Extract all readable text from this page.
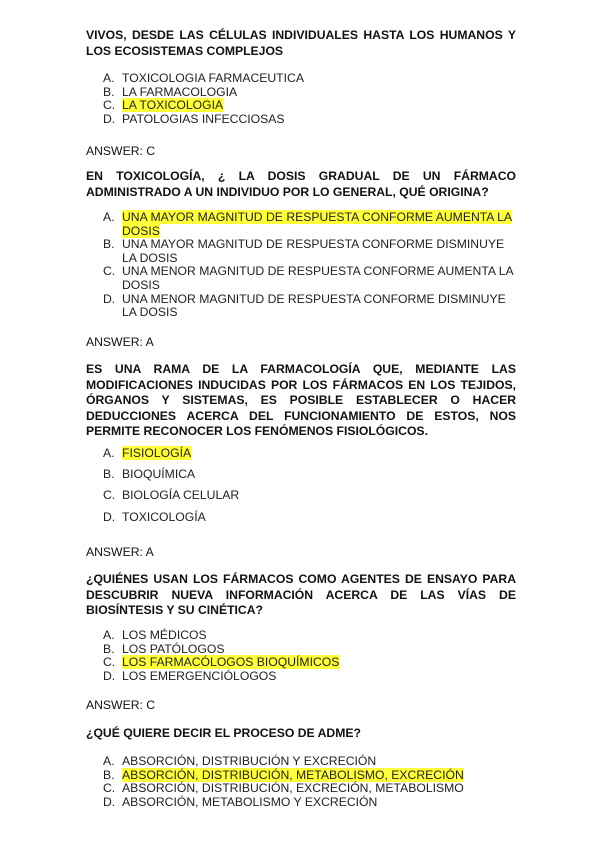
VIVOS, DESDE LAS CÉLULAS INDIVIDUALES HASTA LOS HUMANOS Y LOS ECOSISTEMAS COMPLEJOS

A. TOXICOLOGIA FARMACEUTICA
B. LA FARMACOLOGIA
C. LA TOXICOLOGIA
D. PATOLOGIAS INFECCIOSAS

ANSWER: C

EN TOXICOLOGÍA, ¿ LA DOSIS GRADUAL DE UN FÁRMACO ADMINISTRADO A UN INDIVIDUO POR LO GENERAL, QUÉ ORIGINA?

A. UNA MAYOR MAGNITUD DE RESPUESTA CONFORME AUMENTA LA DOSIS
B. UNA MAYOR MAGNITUD DE RESPUESTA CONFORME DISMINUYE LA DOSIS
C. UNA MENOR MAGNITUD DE RESPUESTA CONFORME AUMENTA LA DOSIS
D. UNA MENOR MAGNITUD DE RESPUESTA CONFORME DISMINUYE LA DOSIS

ANSWER: A

ES UNA RAMA DE LA FARMACOLOGÍA QUE, MEDIANTE LAS MODIFICACIONES INDUCIDAS POR LOS FÁRMACOS EN LOS TEJIDOS, ÓRGANOS Y SISTEMAS, ES POSIBLE ESTABLECER O HACER DEDUCCIONES ACERCA DEL FUNCIONAMIENTO DE ESTOS, NOS PERMITE RECONOCER LOS FENÓMENOS FISIOLÓGICOS.

A. FISIOLOGÍA
B. BIOQUÍMICA
C. BIOLOGÍA CELULAR
D. TOXICOLOGÍA

ANSWER: A

¿QUIÉNES USAN LOS FÁRMACOS COMO AGENTES DE ENSAYO PARA DESCUBRIR NUEVA INFORMACIÓN ACERCA DE LAS VÍAS DE BIOSÍNTESIS Y SU CINÉTICA?

A. LOS MÉDICOS
B. LOS PATÓLOGOS
C. LOS FARMACÓLOGOS BIOQUÍMICOS
D. LOS EMERGENCIÓLOGOS

ANSWER: C

¿QUÉ QUIERE DECIR EL PROCESO DE ADME?

A. ABSORCIÓN, DISTRIBUCIÓN Y EXCRECIÓN
B. ABSORCIÓN, DISTRIBUCIÓN, METABOLISMO, EXCRECIÓN
C. ABSORCIÓN, DISTRIBUCIÓN, EXCRECIÓN, METABOLISMO
D. ABSORCIÓN, METABOLISMO Y EXCRECIÓN
